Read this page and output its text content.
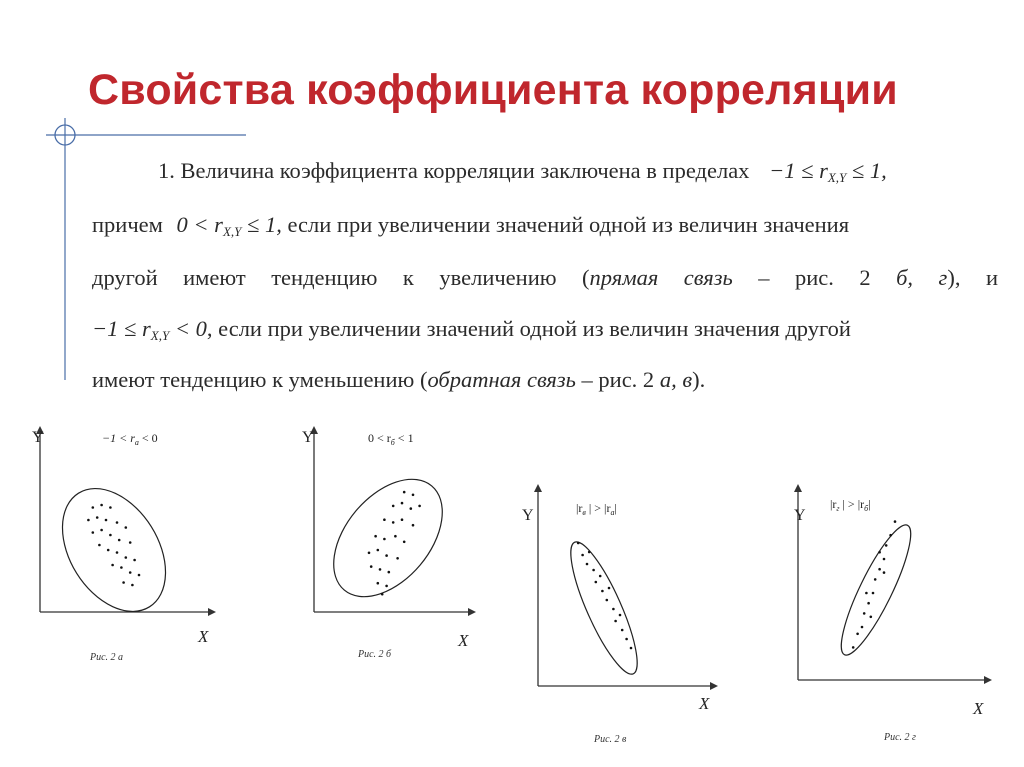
Свойства коэффициента корреляции
1. Величина коэффициента корреляции заключена в пределах $-1 \le r_{X,Y} \le 1$,
причем $0 < r_{X,Y} \le 1$, если при увеличении значений одной из величин значения
другой имеют тенденцию к увеличению (прямая связь – рис. 2 б, г), и
$-1 \le r_{X,Y} < 0$, если при увеличении значений одной из величин значения другой
имеют тенденцию к уменьшению (обратная связь – рис. 2 а, в).
Y
X
$-1 < r_a < 0$
Рис. 2 а
Y
X
$0 < r_б < 1$
Рис. 2 б
Y
X
$|r_в$ | > $|r_a|$
Рис. 2 в
Y
X
$|r_г$ | > $|r_б|$
Рис. 2 г
